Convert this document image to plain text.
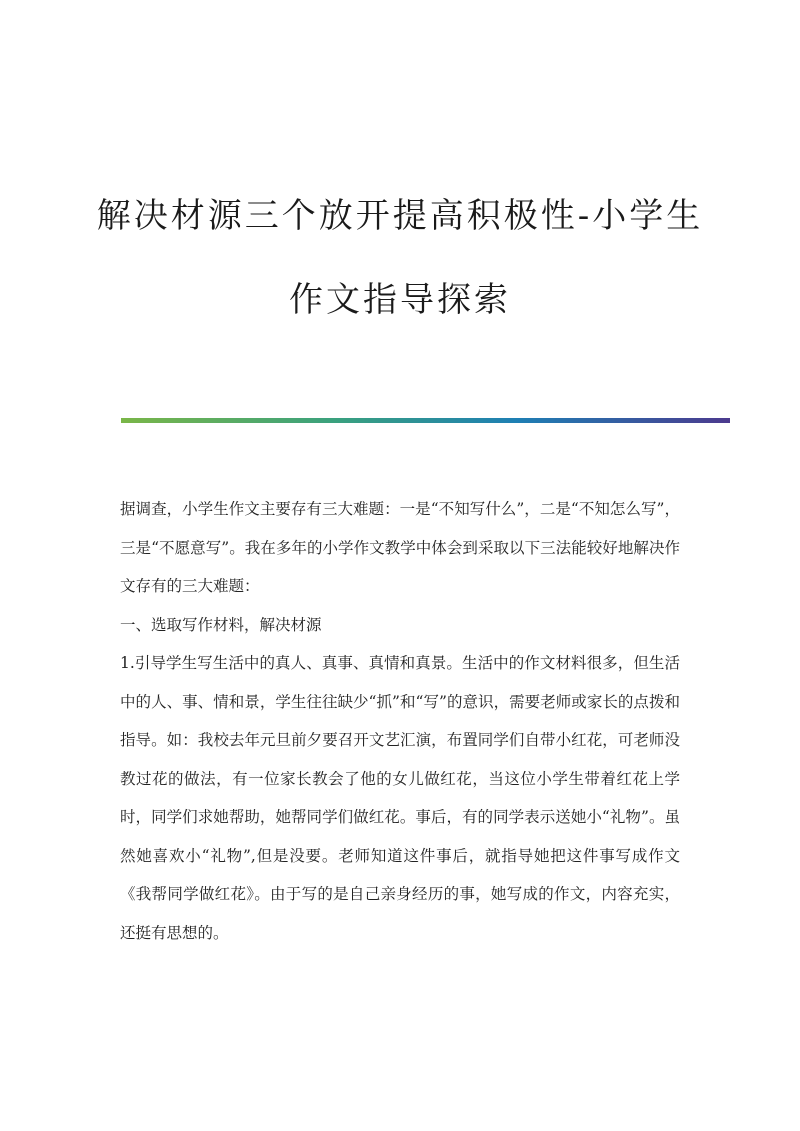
解决材源三个放开提高积极性-小学生
作文指导探索

据调查，小学生作文主要存有三大难题：一是“不知写什么”，二是“不知怎么写”，三是“不愿意写”。我在多年的小学作文教学中体会到采取以下三法能较好地解决作文存有的三大难题：

一、选取写作材料，解决材源

1.引导学生写生活中的真人、真事、真情和真景。生活中的作文材料很多，但生活中的人、事、情和景，学生往往缺少“抓”和“写”的意识，需要老师或家长的点拨和指导。如：我校去年元旦前夕要召开文艺汇演，布置同学们自带小红花，可老师没教过花的做法，有一位家长教会了他的女儿做红花，当这位小学生带着红花上学时，同学们求她帮助，她帮同学们做红花。事后，有的同学表示送她小“礼物”。虽然她喜欢小“礼物”,但是没要。老师知道这件事后，就指导她把这件事写成作文《我帮同学做红花》。由于写的是自己亲身经历的事，她写成的作文，内容充实，还挺有思想的。
